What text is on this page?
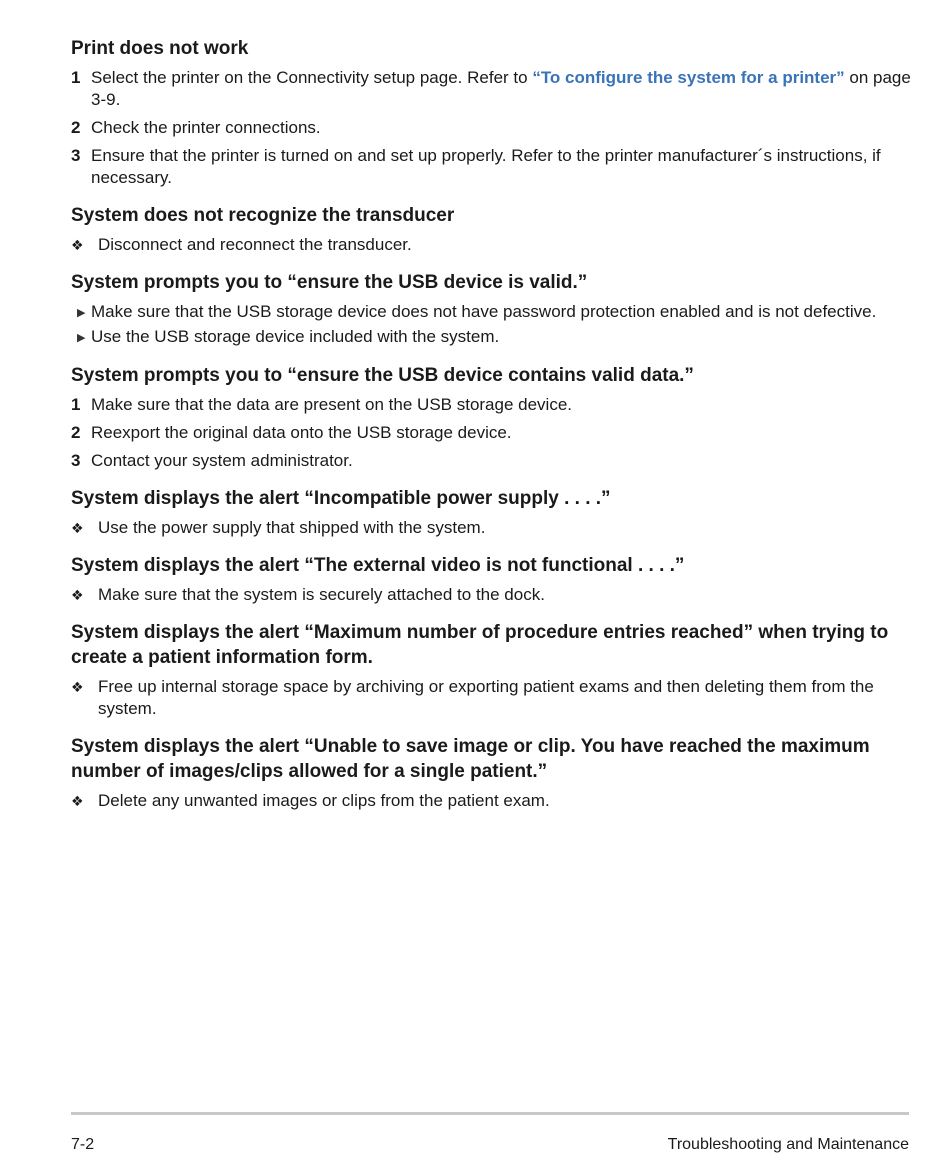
Print does not work
1 Select the printer on the Connectivity setup page. Refer to “To configure the system for a printer” on page 3-9.
2 Check the printer connections.
3 Ensure that the printer is turned on and set up properly. Refer to the printer manufacturer´s instructions, if necessary.
System does not recognize the transducer
❖ Disconnect and reconnect the transducer.
System prompts you to “ensure the USB device is valid.”
▶ Make sure that the USB storage device does not have password protection enabled and is not defective.
▶ Use the USB storage device included with the system.
System prompts you to “ensure the USB device contains valid data.”
1 Make sure that the data are present on the USB storage device.
2 Reexport the original data onto the USB storage device.
3 Contact your system administrator.
System displays the alert “Incompatible power supply . . . .”
❖ Use the power supply that shipped with the system.
System displays the alert “The external video is not functional . . . .”
❖ Make sure that the system is securely attached to the dock.
System displays the alert “Maximum number of procedure entries reached” when trying to create a patient information form.
❖ Free up internal storage space by archiving or exporting patient exams and then deleting them from the system.
System displays the alert “Unable to save image or clip. You have reached the maximum number of images/clips allowed for a single patient.”
❖ Delete any unwanted images or clips from the patient exam.
7-2	Troubleshooting and Maintenance
